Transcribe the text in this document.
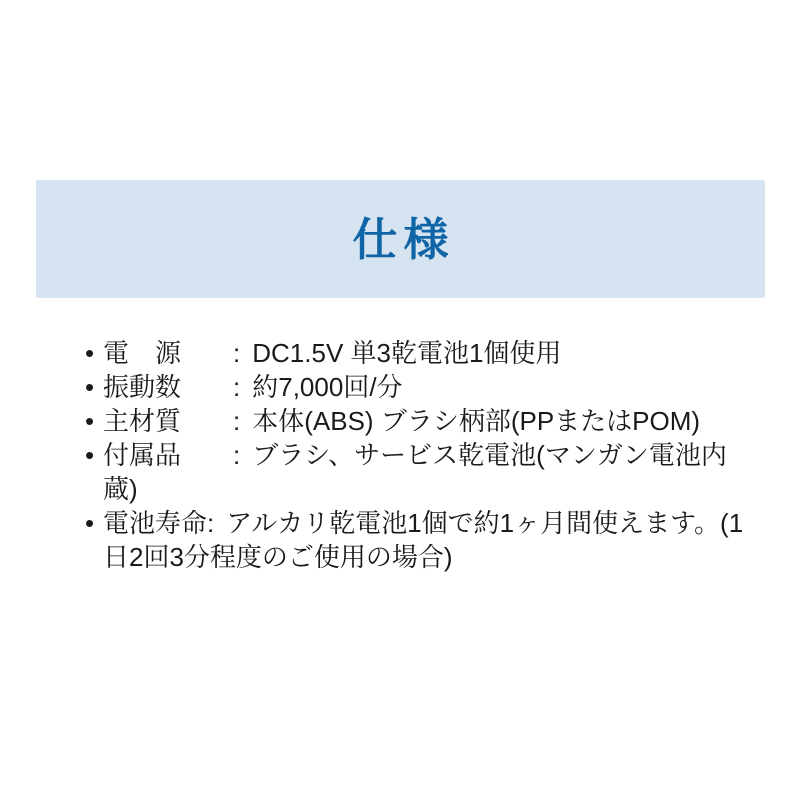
仕様
• 電　源　　: DC1.5V 単3乾電池1個使用
• 振動数　　: 約7,000回/分
• 主材質　　: 本体(ABS) ブラシ柄部(PPまたはPOM)
• 付属品　　: ブラシ、サービス乾電池(マンガン電池内蔵)
• 電池寿命: アルカリ乾電池1個で約1ヶ月間使えます。(1日2回3分程度のご使用の場合)
